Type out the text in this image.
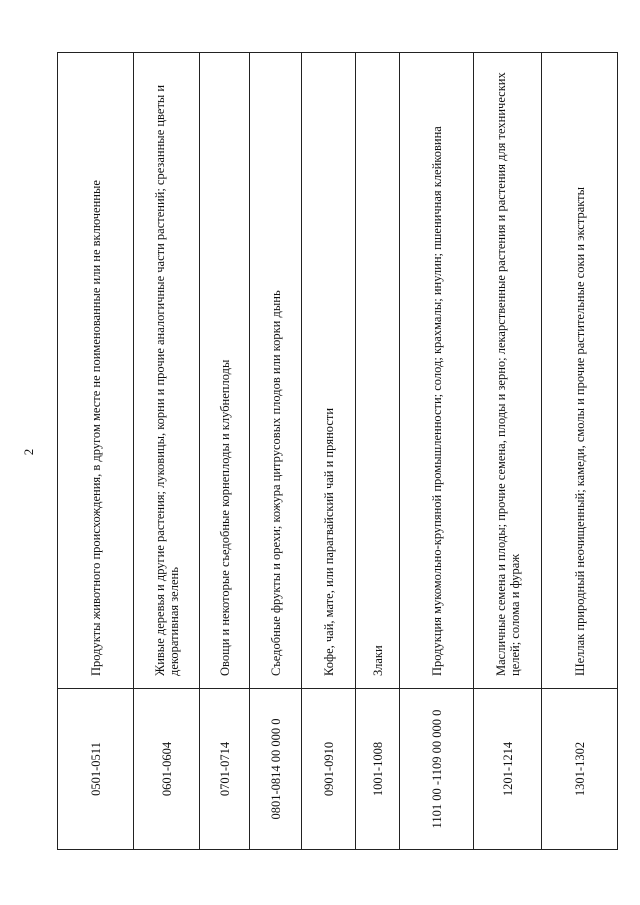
2
0501-0511	Продукты животного происхождения, в другом месте не поименованные или не включенные
0601-0604	Живые деревья и другие растения; луковицы, корни и прочие аналогичные части растений; срезанные цветы и декоративная зелень
0701-0714	Овощи и некоторые съедобные корнеплоды и клубнеплоды
0801-0814 00 000 0	Съедобные фрукты и орехи; кожура цитрусовых плодов или корки дынь
0901-0910	Кофе, чай, мате, или парагвайский чай и пряности
1001-1008	Злаки
1101 00 -1109 00 000 0	Продукция мукомольно-крупяной промышленности; солод; крахмалы; инулин; пшеничная клейковина
1201-1214	Масличные семена и плоды; прочие семена, плоды и зерно; лекарственные растения и растения для технических целей; солома и фураж
1301-1302	Шеллак природный неочищенный; камеди, смолы и прочие растительные соки и экстракты
